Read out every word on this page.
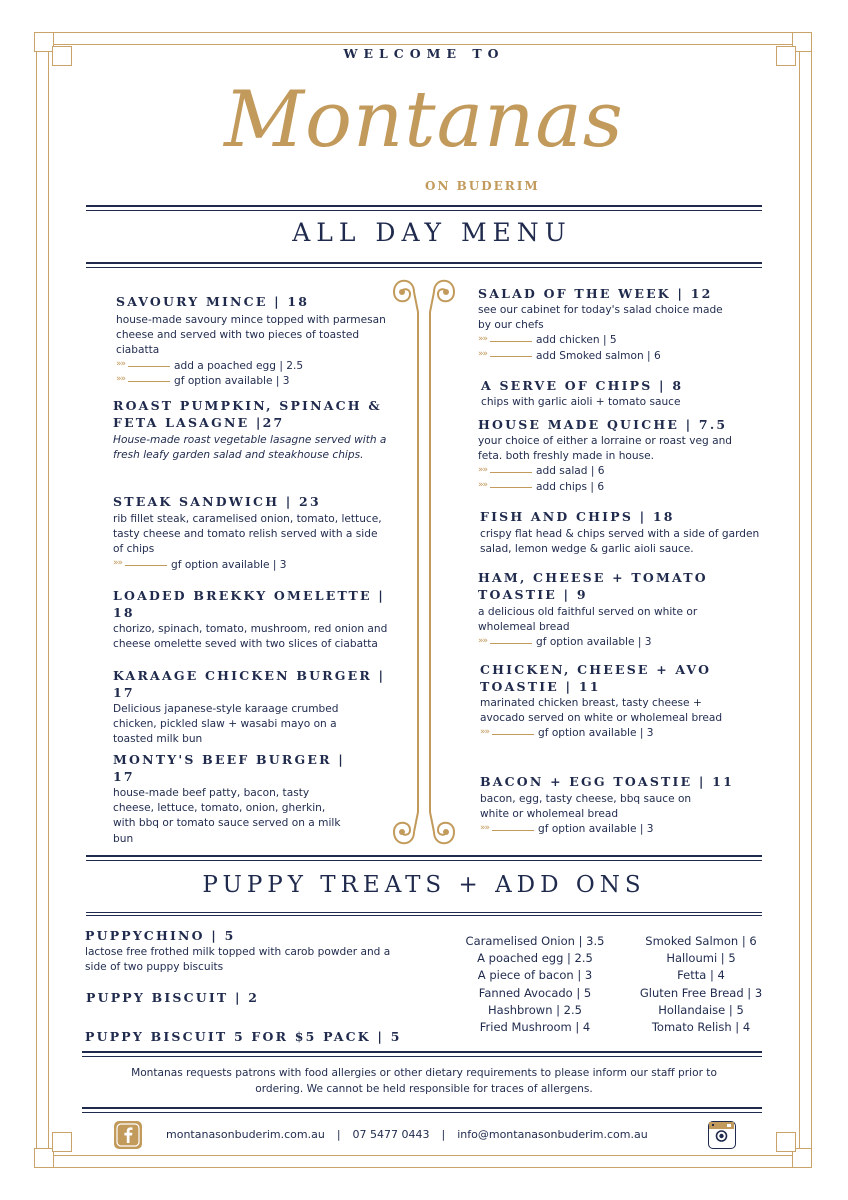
WELCOME TO
Montanas
ON BUDERIM
ALL DAY MENU
SAVOURY MINCE | 18
house-made savoury mince topped with parmesan cheese and served with two pieces of toasted ciabatta
»»
add a poached egg | 2.5
»»
gf option available | 3
ROAST PUMPKIN, SPINACH & FETA LASAGNE |27
House-made roast vegetable lasagne served with a fresh leafy garden salad and steakhouse chips.
STEAK SANDWICH | 23
rib fillet steak, caramelised onion, tomato, lettuce, tasty cheese and tomato relish served with a side of chips
»»
gf option available | 3
LOADED BREKKY OMELETTE | 18
chorizo, spinach, tomato, mushroom, red onion and cheese omelette seved with two slices of ciabatta
KARAAGE CHICKEN BURGER | 17
Delicious japanese-style karaage crumbed chicken, pickled slaw + wasabi mayo on a toasted milk bun
MONTY'S BEEF BURGER | 17
house-made beef patty, bacon, tasty cheese, lettuce, tomato, onion, gherkin, with bbq or tomato sauce served on a milk bun
SALAD OF THE WEEK | 12
see our cabinet for today's salad choice made by our chefs
»»
add chicken | 5
»»
add Smoked salmon | 6
A SERVE OF CHIPS | 8
chips with garlic aioli + tomato sauce
HOUSE MADE QUICHE | 7.5
your choice of either a lorraine or roast veg and feta. both freshly made in house.
»»
add salad | 6
»»
add chips | 6
FISH AND CHIPS | 18
crispy flat head & chips served with a side of garden salad, lemon wedge & garlic aioli sauce.
HAM, CHEESE + TOMATO TOASTIE | 9
a delicious old faithful served on white or wholemeal bread
»»
gf option available | 3
CHICKEN, CHEESE + AVO TOASTIE | 11
marinated chicken breast, tasty cheese + avocado served on white or wholemeal bread
»»
gf option available | 3
BACON + EGG TOASTIE | 11
bacon, egg, tasty cheese, bbq sauce on white or wholemeal bread
»»
gf option available | 3
PUPPY TREATS + ADD ONS
PUPPYCHINO | 5
lactose free frothed milk topped with carob powder and a side of two puppy biscuits
PUPPY BISCUIT | 2
PUPPY BISCUIT 5 FOR $5 PACK | 5
Caramelised Onion | 3.5
A poached egg | 2.5
A piece of bacon | 3
Fanned Avocado | 5
Hashbrown | 2.5
Fried Mushroom | 4
Smoked Salmon | 6
Halloumi | 5
Fetta | 4
Gluten Free Bread | 3
Hollandaise | 5
Tomato Relish | 4
Montanas requests patrons with food allergies or other dietary requirements to please inform our staff prior to ordering. We cannot be held responsible for traces of allergens.
montanasonbuderim.com.au | 07 5477 0443 | info@montanasonbuderim.com.au
